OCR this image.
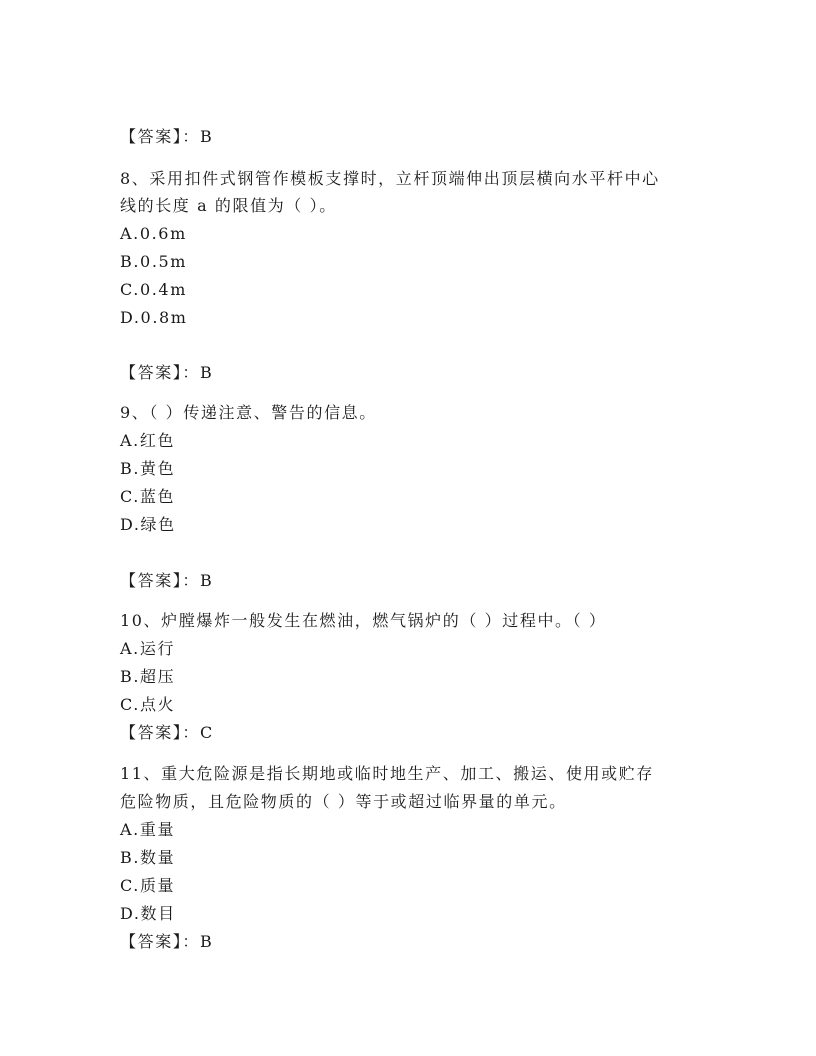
【答案】：B
8、采用扣件式钢管作模板支撑时，立杆顶端伸出顶层横向水平杆中心
线的长度 a 的限值为（ ）。
A.0.6m
B.0.5m
C.0.4m
D.0.8m
【答案】：B
9、（ ）传递注意、警告的信息。
A.红色
B.黄色
C.蓝色
D.绿色
【答案】：B
10、炉膛爆炸一般发生在燃油，燃气锅炉的（ ）过程中。（ ）
A.运行
B.超压
C.点火
【答案】：C
11、重大危险源是指长期地或临时地生产、加工、搬运、使用或贮存
危险物质，且危险物质的（ ）等于或超过临界量的单元。
A.重量
B.数量
C.质量
D.数目
【答案】：B
